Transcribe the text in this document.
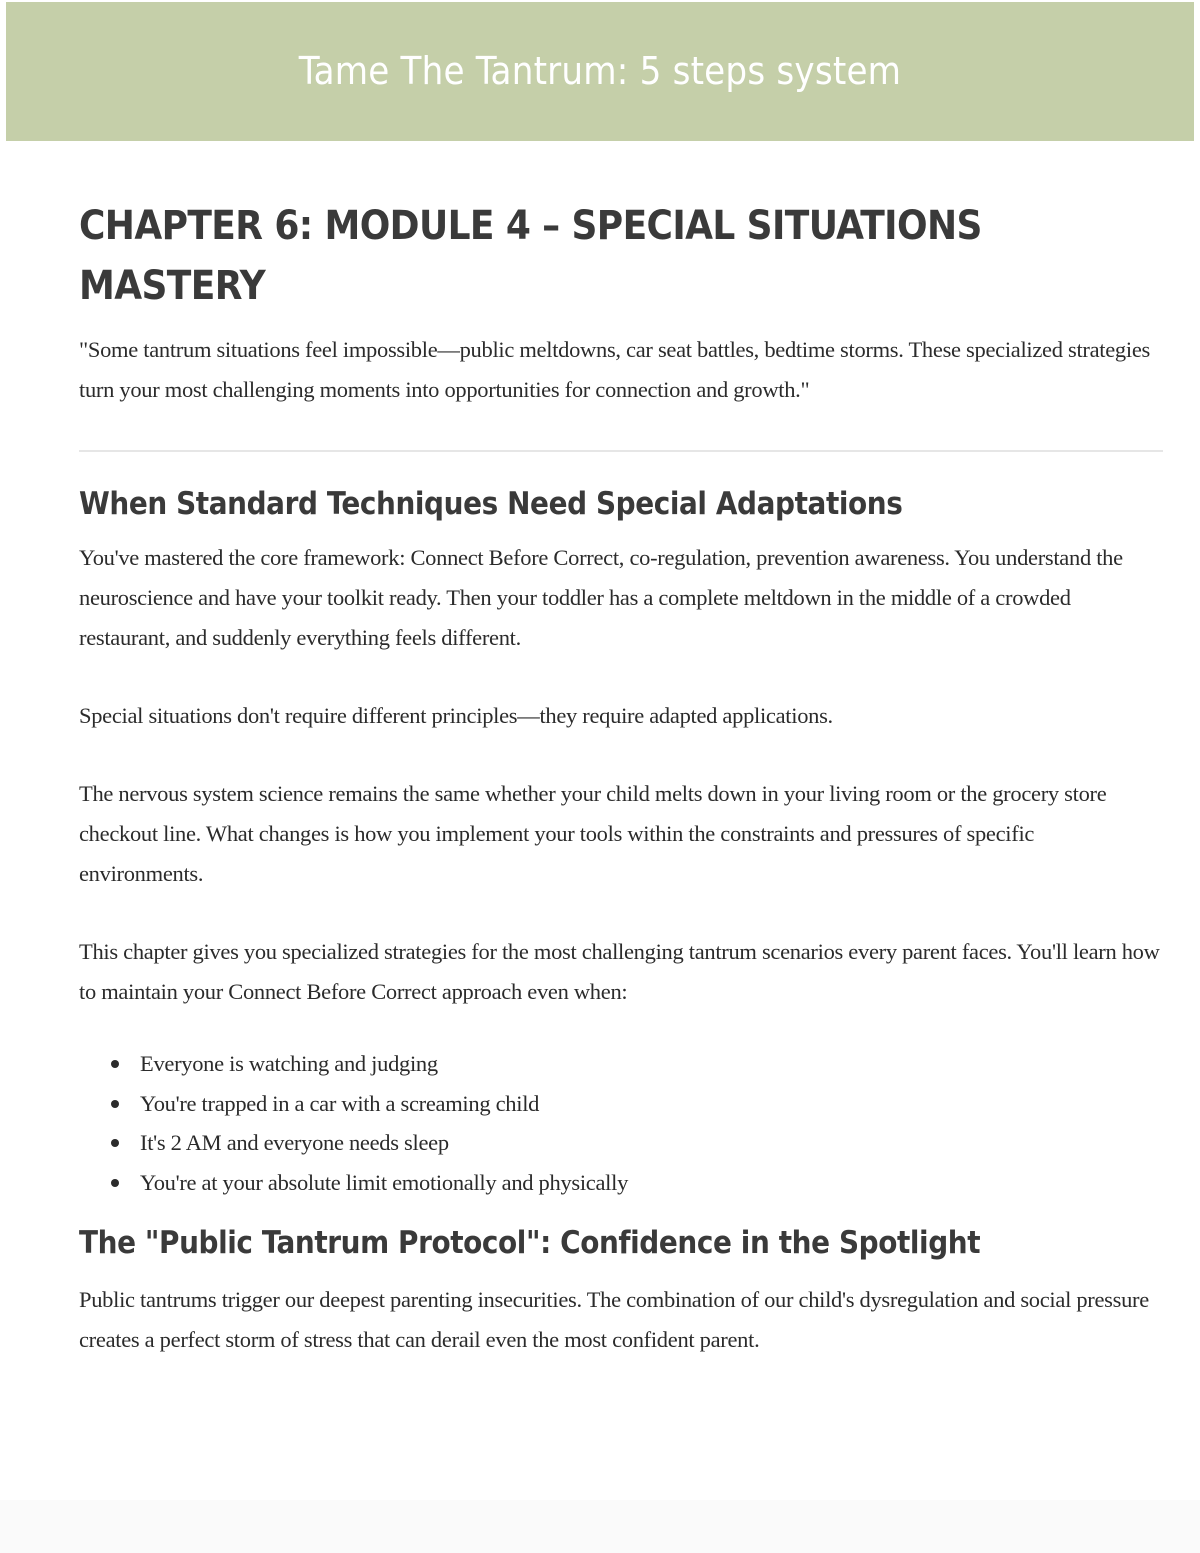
Tame The Tantrum: 5 steps system
CHAPTER 6: MODULE 4 – SPECIAL SITUATIONS MASTERY

"Some tantrum situations feel impossible—public meltdowns, car seat battles, bedtime storms. These specialized strategies turn your most challenging moments into opportunities for connection and growth."

When Standard Techniques Need Special Adaptations

You've mastered the core framework: Connect Before Correct, co-regulation, prevention awareness. You understand the neuroscience and have your toolkit ready. Then your toddler has a complete meltdown in the middle of a crowded restaurant, and suddenly everything feels different.

Special situations don't require different principles—they require adapted applications.

The nervous system science remains the same whether your child melts down in your living room or the grocery store checkout line. What changes is how you implement your tools within the constraints and pressures of specific environments.

This chapter gives you specialized strategies for the most challenging tantrum scenarios every parent faces. You'll learn how to maintain your Connect Before Correct approach even when:

Everyone is watching and judging
You're trapped in a car with a screaming child
It's 2 AM and everyone needs sleep
You're at your absolute limit emotionally and physically
The "Public Tantrum Protocol": Confidence in the Spotlight

Public tantrums trigger our deepest parenting insecurities. The combination of our child's dysregulation and social pressure creates a perfect storm of stress that can derail even the most confident parent.
